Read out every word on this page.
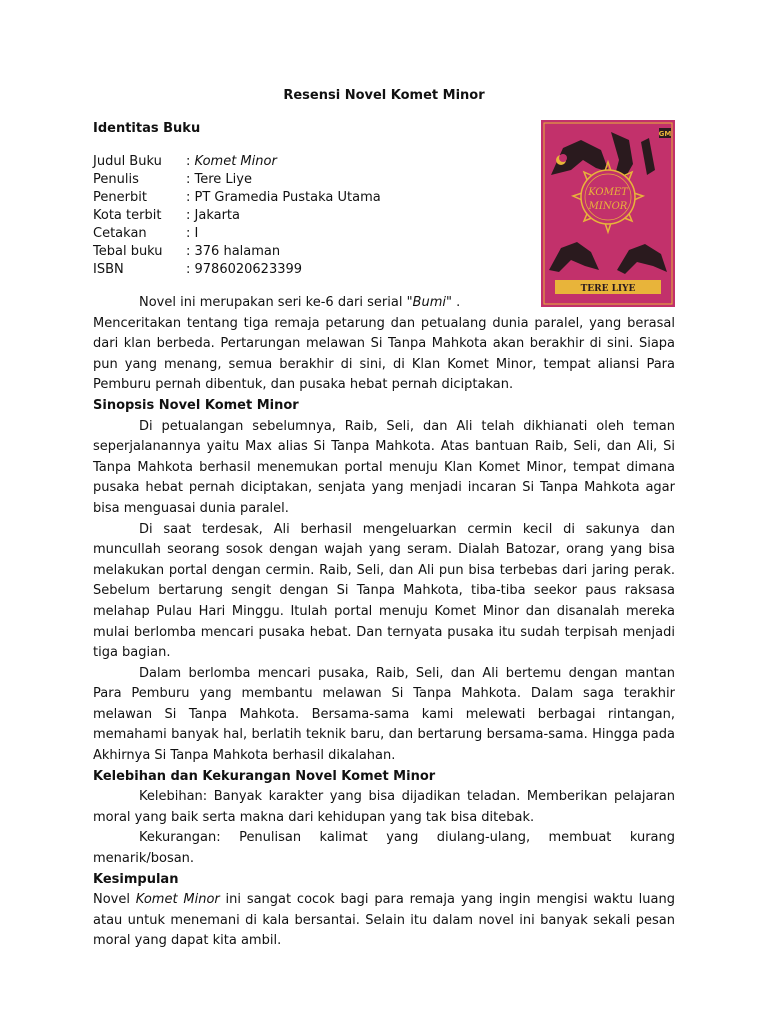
Resensi Novel Komet Minor
Identitas Buku
Judul Buku : Komet Minor
Penulis	: Tere Liye
Penerbit	: PT Gramedia Pustaka Utama
Kota terbit : Jakarta
Cetakan	: I
Tebal buku : 376 halaman
ISBN	: 9786020623399
GM
KOMET
MINOR
TERE LIYE

Novel ini merupakan seri ke-6 dari serial "Bumi" .

Menceritakan tentang tiga remaja petarung dan petualang dunia paralel, yang berasal dari klan berbeda. Pertarungan melawan Si Tanpa Mahkota akan berakhir di sini. Siapa pun yang menang, semua berakhir di sini, di Klan Komet Minor, tempat aliansi Para Pemburu pernah dibentuk, dan pusaka hebat pernah diciptakan.

Sinopsis Novel Komet Minor

Di petualangan sebelumnya, Raib, Seli, dan Ali telah dikhianati oleh teman seperjalanannya yaitu Max alias Si Tanpa Mahkota. Atas bantuan Raib, Seli, dan Ali, Si Tanpa Mahkota berhasil menemukan portal menuju Klan Komet Minor, tempat dimana pusaka hebat pernah diciptakan, senjata yang menjadi incaran Si Tanpa Mahkota agar bisa menguasai dunia paralel.

Di saat terdesak, Ali berhasil mengeluarkan cermin kecil di sakunya dan muncullah seorang sosok dengan wajah yang seram. Dialah Batozar, orang yang bisa melakukan portal dengan cermin. Raib, Seli, dan Ali pun bisa terbebas dari jaring perak. Sebelum bertarung sengit dengan Si Tanpa Mahkota, tiba-tiba seekor paus raksasa melahap Pulau Hari Minggu. Itulah portal menuju Komet Minor dan disanalah mereka mulai berlomba mencari pusaka hebat. Dan ternyata pusaka itu sudah terpisah menjadi tiga bagian.

Dalam berlomba mencari pusaka, Raib, Seli, dan Ali bertemu dengan mantan Para Pemburu yang membantu melawan Si Tanpa Mahkota. Dalam saga terakhir melawan Si Tanpa Mahkota. Bersama-sama kami melewati berbagai rintangan, memahami banyak hal, berlatih teknik baru, dan bertarung bersama-sama. Hingga pada Akhirnya Si Tanpa Mahkota berhasil dikalahan.

Kelebihan dan Kekurangan Novel Komet Minor

Kelebihan: Banyak karakter yang bisa dijadikan teladan. Memberikan pelajaran moral yang baik serta makna dari kehidupan yang tak bisa ditebak.

Kekurangan: Penulisan kalimat yang diulang-ulang, membuat kurang menarik/bosan.

Kesimpulan

Novel Komet Minor ini sangat cocok bagi para remaja yang ingin mengisi waktu luang atau untuk menemani di kala bersantai. Selain itu dalam novel ini banyak sekali pesan moral yang dapat kita ambil.
